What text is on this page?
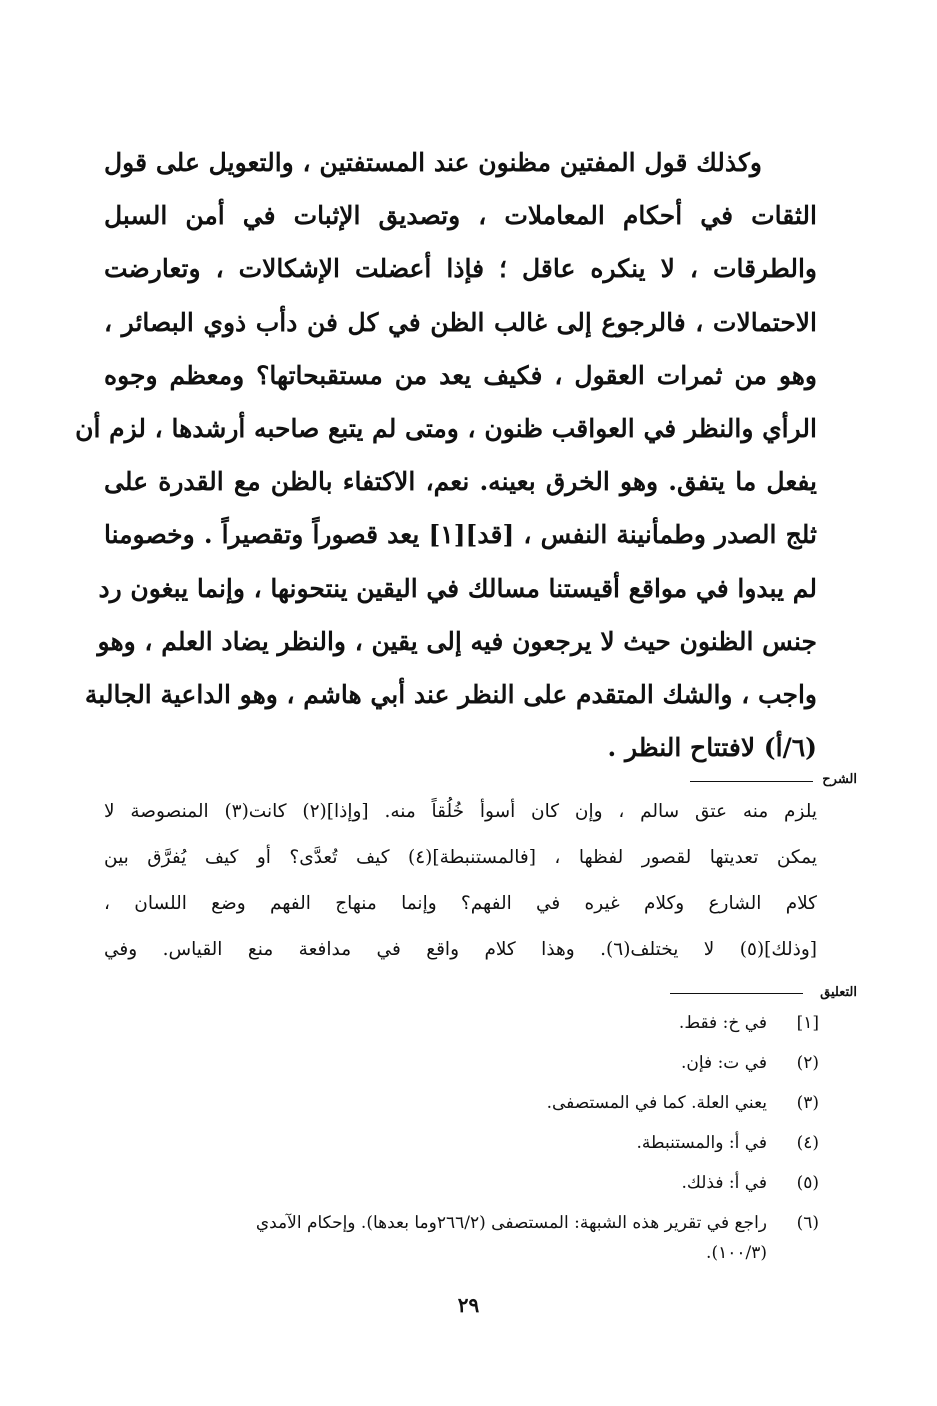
وكذلك قول المفتين مظنون عند المستفتين ، والتعويل على قول
الثقات في أحكام المعاملات ، وتصديق الإثبات في أمن السبل
والطرقات ، لا ينكره عاقل ؛ فإذا أعضلت الإشكالات ، وتعارضت
الاحتمالات ، فالرجوع إلى غالب الظن في كل فن دأب ذوي البصائر ،
وهو من ثمرات العقول ، فكيف يعد من مستقبحاتها؟ ومعظم وجوه
الرأي والنظر في العواقب ظنون ، ومتى لم يتبع صاحبه أرشدها ، لزم أن
يفعل ما يتفق. وهو الخرق بعينه. نعم، الاكتفاء بالظن مع القدرة على
ثلج الصدر وطمأنينة النفس ، [قد][١] يعد قصوراً وتقصيراً . وخصومنا
لم يبدوا في مواقع أقيستنا مسالك في اليقين ينتحونها ، وإنما يبغون رد
جنس الظنون حيث لا يرجعون فيه إلى يقين ، والنظر يضاد العلم ، وهو
واجب ، والشك المتقدم على النظر عند أبي هاشم ، وهو الداعية الجالبة
(٦/أ) لافتتاح النظر .
الشرح
يلزم منه عتق سالم ، وإن كان أسوأ خُلُقاً منه. [وإذا](٢) كانت(٣) المنصوصة لا
يمكن تعديتها لقصور لفظها ، [فالمستنبطة](٤) كيف تُعدَّى؟ أو كيف يُفرَّق بين
كلام الشارع وكلام غيره في الفهم؟ وإنما منهاج الفهم وضع اللسان ،
[وذلك](٥) لا يختلف(٦). وهذا كلام واقع في مدافعة منع القياس. وفي
التعليق
[١]
في خ: فقط.
(٢)
في ت: فإن.
(٣)
يعني العلة. كما في المستصفى.
(٤)
في أ: والمستنبطة.
(٥)
في أ: فذلك.
(٦)
راجع في تقرير هذه الشبهة: المستصفى (٢٦٦/٢وما بعدها). وإحكام الآمدي
(١٠٠/٣).
٢٩
